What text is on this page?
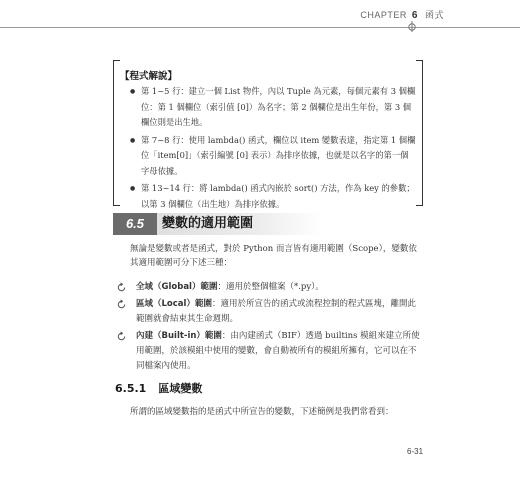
CHAPTER 6 函式
【程式解說】
● 第 1~5 行：建立一個 List 物件，內以 Tuple 為元素，每個元素有 3 個欄位：第 1 個欄位（索引值 [0]）為名字；第 2 個欄位是出生年份，第 3 個欄位則是出生地。
● 第 7~8 行：使用 lambda() 函式，欄位以 item 變數表達，指定第 1 個欄位「item[0]」（索引編號 [0] 表示）為排序依據，也就是以名字的第一個字母依據。
● 第 13~14 行：將 lambda() 函式內嵌於 sort() 方法，作為 key 的參數；以第 3 個欄位（出生地）為排序依據。
6.5	變數的適用範圍
無論是變數或者是函式，對於 Python 而言皆有適用範圍（Scope），變數依其適用範圍可分下述三種：
全域（Global）範圍：適用於整個檔案（*.py）。
區域（Local）範圍：適用於所宣告的函式或流程控制的程式區塊，離開此範圍就會結束其生命週期。
內建（Built-in）範圍：由內建函式（BIF）透過 builtins 模組來建立所使用範圍，於該模組中使用的變數，會自動被所有的模組所擁有，它可以在不同檔案內使用。
6.5.1 區域變數
所謂的區域變數指的是函式中所宣告的變數，下述簡例是我們常看到：
6-31
